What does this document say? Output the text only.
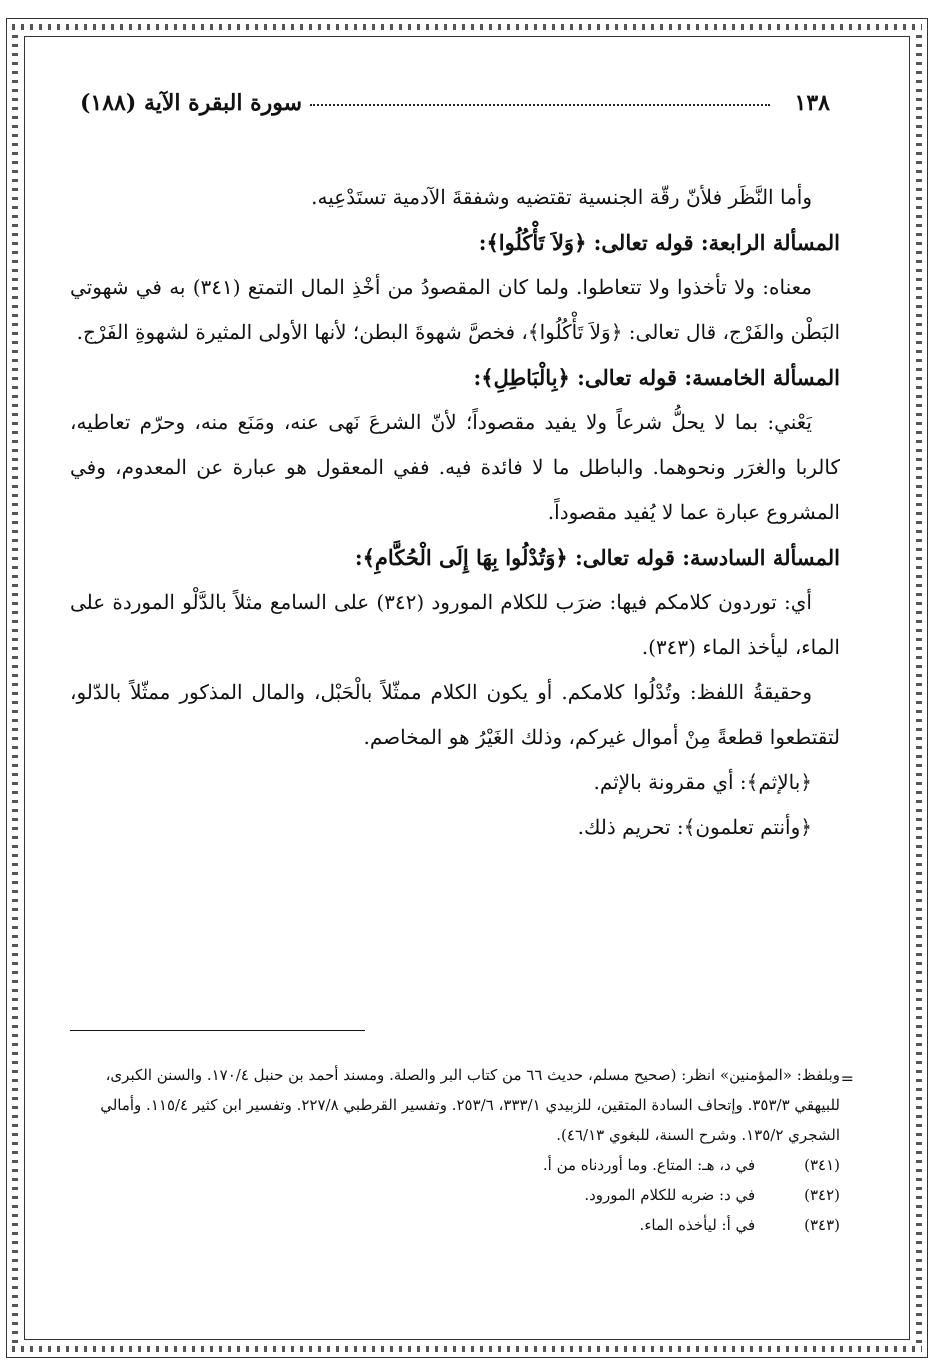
١٣٨
سورة البقرة الآية (١٨٨)

وأما النَّظَر فلأنّ رقّة الجنسية تقتضيه وشفقةَ الآدمية تستَدْعِيه.

المسألة الرابعة: قوله تعالى: ﴿وَلاَ تَأْكُلُوا﴾:

معناه: ولا تأخذوا ولا تتعاطوا. ولما كان المقصودُ من أخْذِ المال التمتع (٣٤١) به في شهوتي البَطْن والفَرْج، قال تعالى: ﴿وَلاَ تَأْكُلُوا﴾، فخصَّ شهوةَ البطن؛ لأنها الأولى المثيرة لشهوةِ الفَرْج.

المسألة الخامسة: قوله تعالى: ﴿بِالْبَاطِلِ﴾:

يَعْني: بما لا يحلُّ شرعاً ولا يفيد مقصوداً؛ لأنّ الشرعَ نَهى عنه، ومَنَع منه، وحرّم تعاطيه، كالربا والغرَر ونحوهما. والباطل ما لا فائدة فيه. ففي المعقول هو عبارة عن المعدوم، وفي المشروع عبارة عما لا يُفيد مقصوداً.

المسألة السادسة: قوله تعالى: ﴿وَتُدْلُوا بِهَا إِلَى الْحُكَّامِ﴾:

أي: توردون كلامكم فيها: ضرَب للكلام المورود (٣٤٢) على السامع مثلاً بالدَّلْو الموردة على الماء، ليأخذ الماء (٣٤٣).

وحقيقةُ اللفظ: وتُدْلُوا كلامكم. أو يكون الكلام ممثّلاً بالْحَبْل، والمال المذكور ممثّلاً بالدّلو، لتقتطعوا قطعةً مِنْ أموال غيركم، وذلك الغَيْرُ هو المخاصم.

﴿بالإثم﴾: أي مقرونة بالإثم.

﴿وأنتم تعلمون﴾: تحريم ذلك.

=
وبلفظ: «المؤمنين» انظر: (صحيح مسلم، حديث ٦٦ من كتاب البر والصلة. ومسند أحمد بن حنبل ١٧٠/٤. والسنن الكبرى، للبيهقي ٣٥٣/٣. وإتحاف السادة المتقين، للزبيدي ٣٣٣/١، ٢٥٣/٦. وتفسير القرطبي ٢٢٧/٨. وتفسير ابن كثير ١١٥/٤. وأمالي الشجري ١٣٥/٢. وشرح السنة، للبغوي ٤٦/١٣).

(٣٤١) في د، هـ: المتاع. وما أوردناه من أ.

(٣٤٢) في د: ضربه للكلام المورود.

(٣٤٣) في أ: ليأخذه الماء.
